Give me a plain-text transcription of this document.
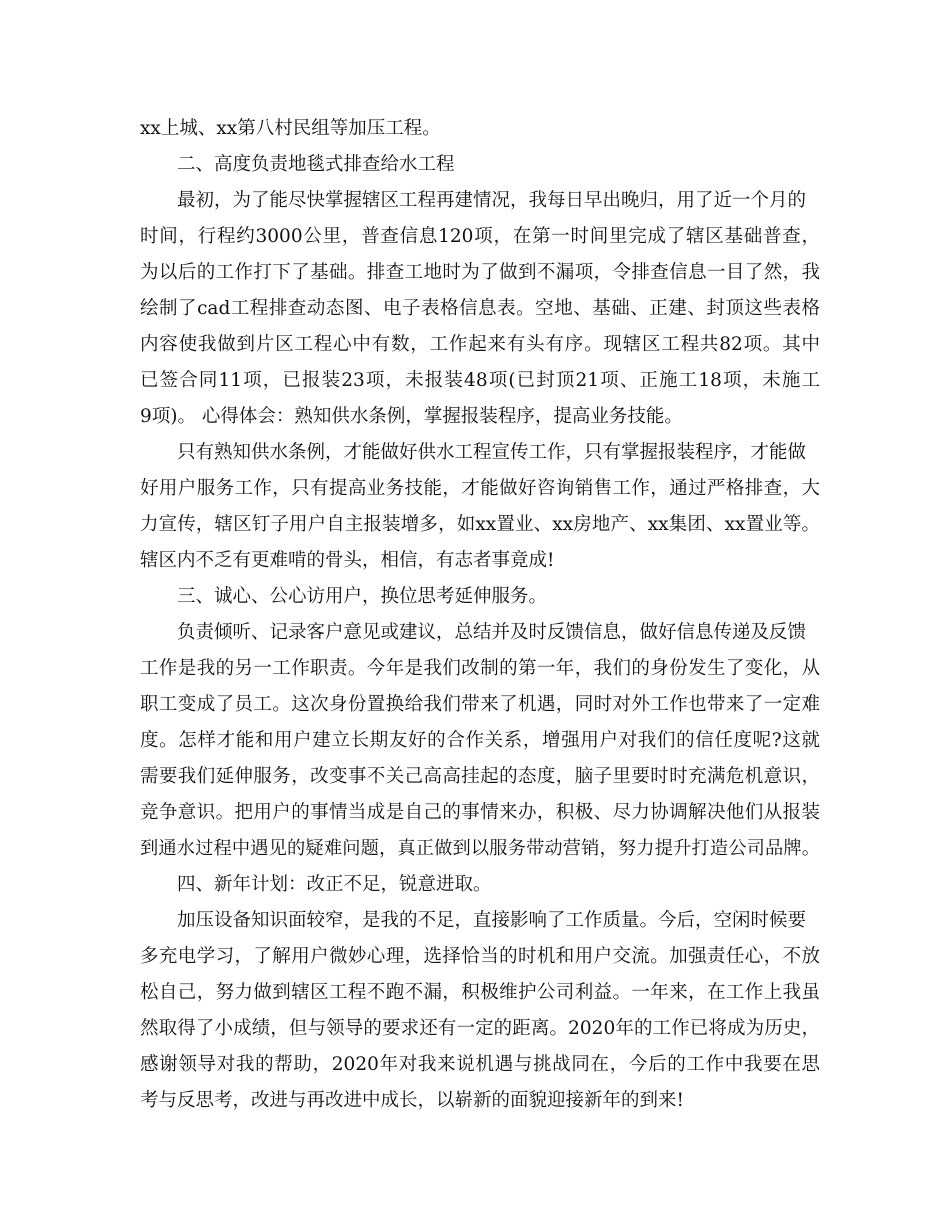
xx上城、xx第八村民组等加压工程。
二、高度负责地毯式排查给水工程
最初，为了能尽快掌握辖区工程再建情况，我每日早出晚归，用了近一个月的
时间，行程约3000公里，普查信息120项，在第一时间里完成了辖区基础普查，
为以后的工作打下了基础。排查工地时为了做到不漏项，令排查信息一目了然，我
绘制了cad工程排查动态图、电子表格信息表。空地、基础、正建、封顶这些表格
内容使我做到片区工程心中有数，工作起来有头有序。现辖区工程共82项。其中
已签合同11项，已报装23项，未报装48项(已封顶21项、正施工18项，未施工
9项)。 心得体会：熟知供水条例，掌握报装程序，提高业务技能。
只有熟知供水条例，才能做好供水工程宣传工作，只有掌握报装程序，才能做
好用户服务工作，只有提高业务技能，才能做好咨询销售工作，通过严格排查，大
力宣传，辖区钉子用户自主报装增多，如xx置业、xx房地产、xx集团、xx置业等。
辖区内不乏有更难啃的骨头，相信，有志者事竟成!
三、诚心、公心访用户，换位思考延伸服务。
负责倾听、记录客户意见或建议，总结并及时反馈信息，做好信息传递及反馈
工作是我的另一工作职责。今年是我们改制的第一年，我们的身份发生了变化，从
职工变成了员工。这次身份置换给我们带来了机遇，同时对外工作也带来了一定难
度。怎样才能和用户建立长期友好的合作关系，增强用户对我们的信任度呢?这就
需要我们延伸服务，改变事不关己高高挂起的态度，脑子里要时时充满危机意识，
竞争意识。把用户的事情当成是自己的事情来办，积极、尽力协调解决他们从报装
到通水过程中遇见的疑难问题，真正做到以服务带动营销，努力提升打造公司品牌。
四、新年计划：改正不足，锐意进取。
加压设备知识面较窄，是我的不足，直接影响了工作质量。今后，空闲时候要
多充电学习，了解用户微妙心理，选择恰当的时机和用户交流。加强责任心，不放
松自己，努力做到辖区工程不跑不漏，积极维护公司利益。一年来，在工作上我虽
然取得了小成绩，但与领导的要求还有一定的距离。2020年的工作已将成为历史，
感谢领导对我的帮助，2020年对我来说机遇与挑战同在，今后的工作中我要在思
考与反思考，改进与再改进中成长，以崭新的面貌迎接新年的到来!
